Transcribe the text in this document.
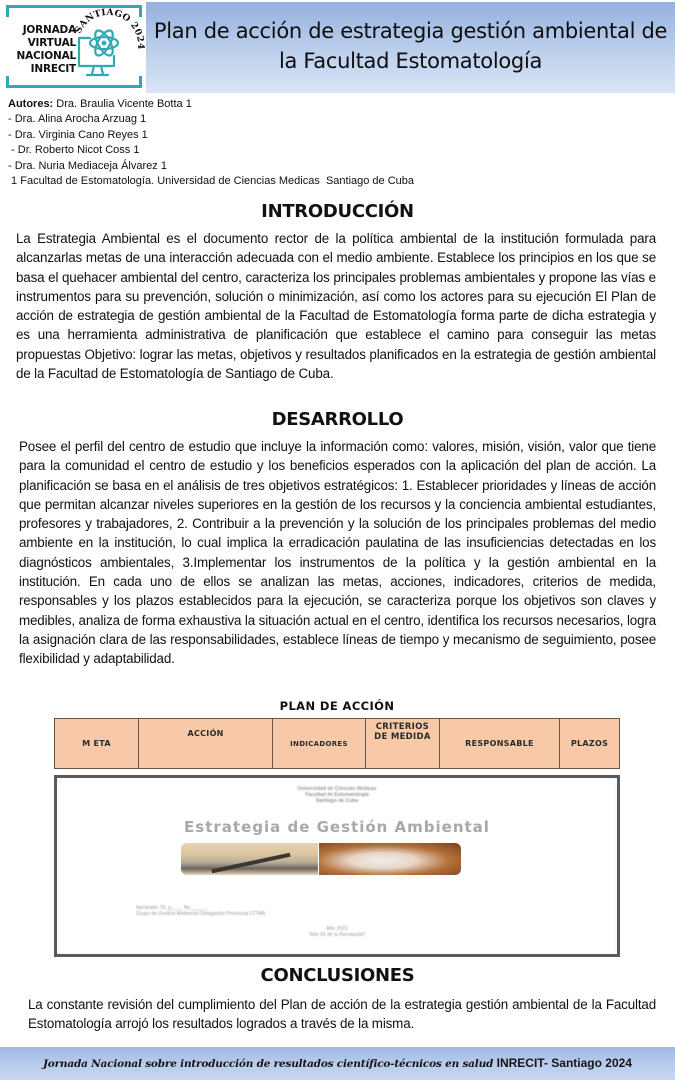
JORNADA
VIRTUAL
NACIONAL
INRECIT
SANTIAGO 2024
Plan de acción de estrategia gestión ambiental de
la Facultad Estomatología
Autores: Dra. Braulia Vicente Botta 1
- Dra. Alina Arocha Arzuag 1
- Dra. Virginia Cano Reyes 1
- Dr. Roberto Nicot Coss 1
- Dra. Nuria Mediaceja Álvarez 1
1 Facultad de Estomatología. Universidad de Ciencias Medicas  Santiago de Cuba
INTRODUCCIÓN
La Estrategia Ambiental es el documento rector de la política ambiental de la institución formulada para alcanzarlas metas de una interacción adecuada con el medio ambiente. Establece los principios en los que se basa el quehacer ambiental del centro, caracteriza los principales problemas ambientales y propone las vías e instrumentos para su prevención, solución o minimización, así como los actores para su ejecución El Plan de acción de estrategia de gestión ambiental de la Facultad de Estomatología forma parte de dicha estrategia y es una herramienta administrativa de planificación que establece el camino para conseguir las metas propuestas Objetivo: lograr las metas, objetivos y resultados planificados en la estrategia de gestión ambiental de la Facultad de Estomatología de Santiago de Cuba.
DESARROLLO
Posee el perfil del centro de estudio que incluye la información como: valores, misión, visión, valor que tiene para la comunidad el centro de estudio y los beneficios esperados con la aplicación del plan de acción. La planificación se basa en el análisis de tres objetivos estratégicos: 1. Establecer prioridades y líneas de acción que permitan alcanzar niveles superiores en la gestión de los recursos y la conciencia ambiental estudiantes, profesores y trabajadores, 2. Contribuir a la prevención y la solución de los principales problemas del medio ambiente en la institución, lo cual implica la erradicación paulatina de las insuficiencias detectadas en los diagnósticos ambientales, 3.Implementar los instrumentos de la política y la gestión ambiental en la institución. En cada uno de ellos se analizan las metas, acciones, indicadores, criterios de medida, responsables y los plazos establecidos para la ejecución, se caracteriza porque los objetivos son claves y medibles, analiza de forma exhaustiva la situación actual en el centro, identifica los recursos necesarios, logra la asignación clara de las responsabilidades, establece líneas de tiempo y mecanismo de seguimiento, posee flexibilidad y adaptabilidad.
PLAN DE ACCIÓN
M ETA	ACCIÓN	INDICADORES	CRITERIOS DE MEDIDA	RESPONSABLE	PLAZOS
Universidad de Ciencias Medicas
Facultad de Estomatologia
Santiago de Cuba
Estrategia de Gestión Ambiental
Aprobado: Dr_p____ No______
Grupo de Gestión Ambiental Delegación Provincial CITMA
Año 2023
"Año 65 de la Revolución"
CONCLUSIONES
La constante revisión del cumplimiento del Plan de acción de la estrategia gestión ambiental de la Facultad Estomatología arrojó los resultados logrados a través de la misma.
Jornada Nacional sobre introducción de resultados científico-técnicos en salud INRECIT- Santiago 2024
